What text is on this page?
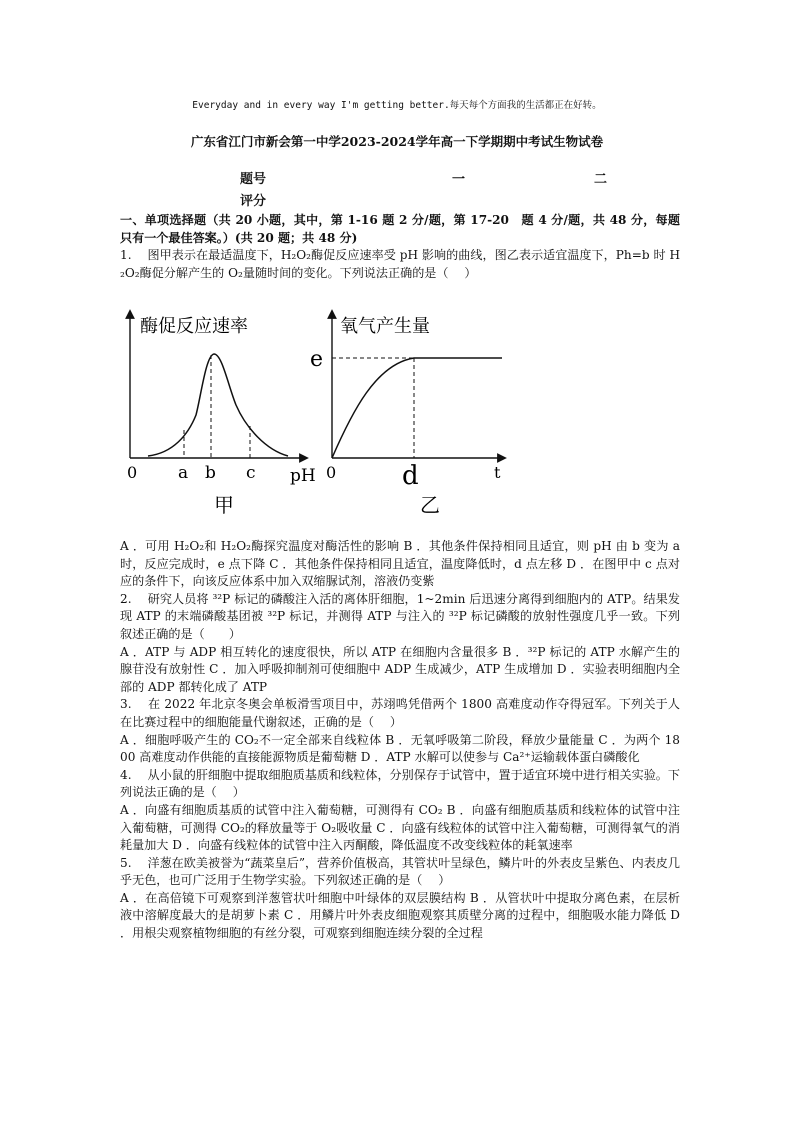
Everyday and in every way I'm getting better.每天每个方面我的生活都正在好转。
广东省江门市新会第一中学2023-2024学年高一下学期期中考试生物试卷
题号	一	二
评分

一、单项选择题（共 20 小题，其中，第 1-16 题 2 分/题，第 17-20　题 4 分/题，共 48 分，每题只有一个最佳答案。）(共 20 题；共 48 分)

1.　 图甲表示在最适温度下，H₂O₂酶促反应速率受 pH 影响的曲线，图乙表示适宜温度下，Ph=b 时 H₂O₂酶促分解产生的 O₂量随时间的变化。下列说法正确的是（　 ）

酶促反应速率
0 a b c pH
甲
氧气产生量
e
0	d	t
乙

A ．可用 H₂O₂和 H₂O₂酶探究温度对酶活性的影响 B ．其他条件保持相同且适宜，则 pH 由 b 变为 a 时，反应完成时，e 点下降 C ．其他条件保持相同且适宜，温度降低时，d 点左移 D ．在图甲中 c 点对应的条件下，向该反应体系中加入双缩脲试剂，溶液仍变紫

2.　 研究人员将 ³²P 标记的磷酸注入活的离体肝细胞，1~2min 后迅速分离得到细胞内的 ATP。结果发现 ATP 的末端磷酸基团被 ³²P 标记，并测得 ATP 与注入的 ³²P 标记磷酸的放射性强度几乎一致。下列叙述正确的是（　　）

A ．ATP 与 ADP 相互转化的速度很快，所以 ATP 在细胞内含量很多 B ．³²P 标记的 ATP 水解产生的腺苷没有放射性 C ．加入呼吸抑制剂可使细胞中 ADP 生成减少，ATP 生成增加 D ．实验表明细胞内全部的 ADP 都转化成了 ATP

3.　 在 2022 年北京冬奥会单板滑雪项目中，苏翊鸣凭借两个 1800 高难度动作夺得冠军。下列关于人在比赛过程中的细胞能量代谢叙述，正确的是（　 ）

A ．细胞呼吸产生的 CO₂不一定全部来自线粒体 B ．无氧呼吸第二阶段，释放少量能量 C ．为两个 1800 高难度动作供能的直接能源物质是葡萄糖 D ．ATP 水解可以使参与 Ca²⁺运输载体蛋白磷酸化

4.　 从小鼠的肝细胞中提取细胞质基质和线粒体，分别保存于试管中，置于适宜环境中进行相关实验。下列说法正确的是（　 ）

A ．向盛有细胞质基质的试管中注入葡萄糖，可测得有 CO₂ B ．向盛有细胞质基质和线粒体的试管中注入葡萄糖，可测得 CO₂的释放量等于 O₂吸收量 C ．向盛有线粒体的试管中注入葡萄糖，可测得氧气的消耗量加大 D ．向盛有线粒体的试管中注入丙酮酸，降低温度不改变线粒体的耗氧速率

5.　 洋葱在欧美被誉为“蔬菜皇后”，营养价值极高，其管状叶呈绿色，鳞片叶的外表皮呈紫色、内表皮几乎无色，也可广泛用于生物学实验。下列叙述正确的是（　 ）

A ．在高倍镜下可观察到洋葱管状叶细胞中叶绿体的双层膜结构 B ．从管状叶中提取分离色素，在层析液中溶解度最大的是胡萝卜素 C ．用鳞片叶外表皮细胞观察其质壁分离的过程中，细胞吸水能力降低 D ．用根尖观察植物细胞的有丝分裂，可观察到细胞连续分裂的全过程
